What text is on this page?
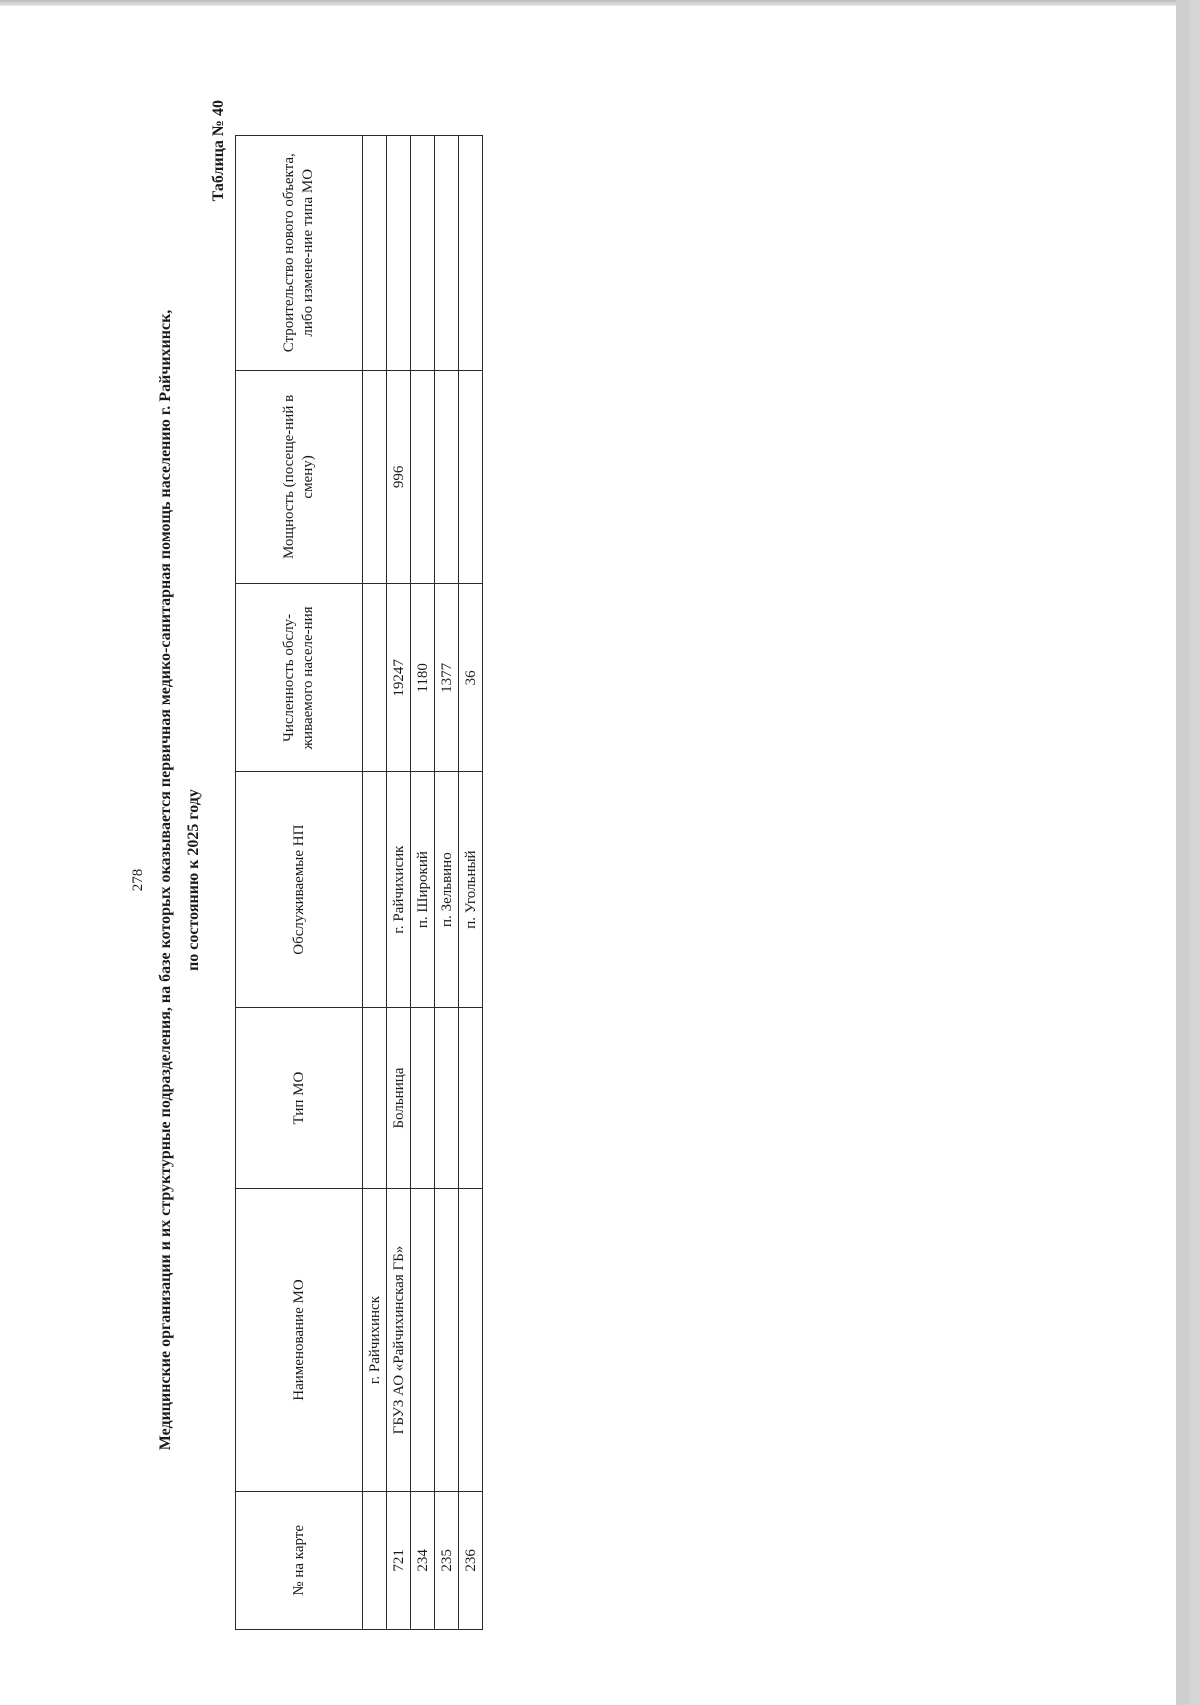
278 Медицинские организации и их структурные подразделения, на базе которых оказывается первичная медико-санитарная помощь населению г. Райчихинск, по состоянию к 2025 году
Таблица № 40
№ на карте	Наименование МО	Тип МО	Обслуживаемые НП	Численность обслу-живаемого населе-ния	Мощность (посеще-ний в смену)	Строительство нового объекта, либо измене-ние типа МО
	г. Райчихинск					
721	ГБУЗ АО «Райчихинская ГБ»	Больница	г. Райчихисик	19247	996	
234			п. Широкий	1180		
235			п. Зельвино	1377		
236			п. Угольный	36		
